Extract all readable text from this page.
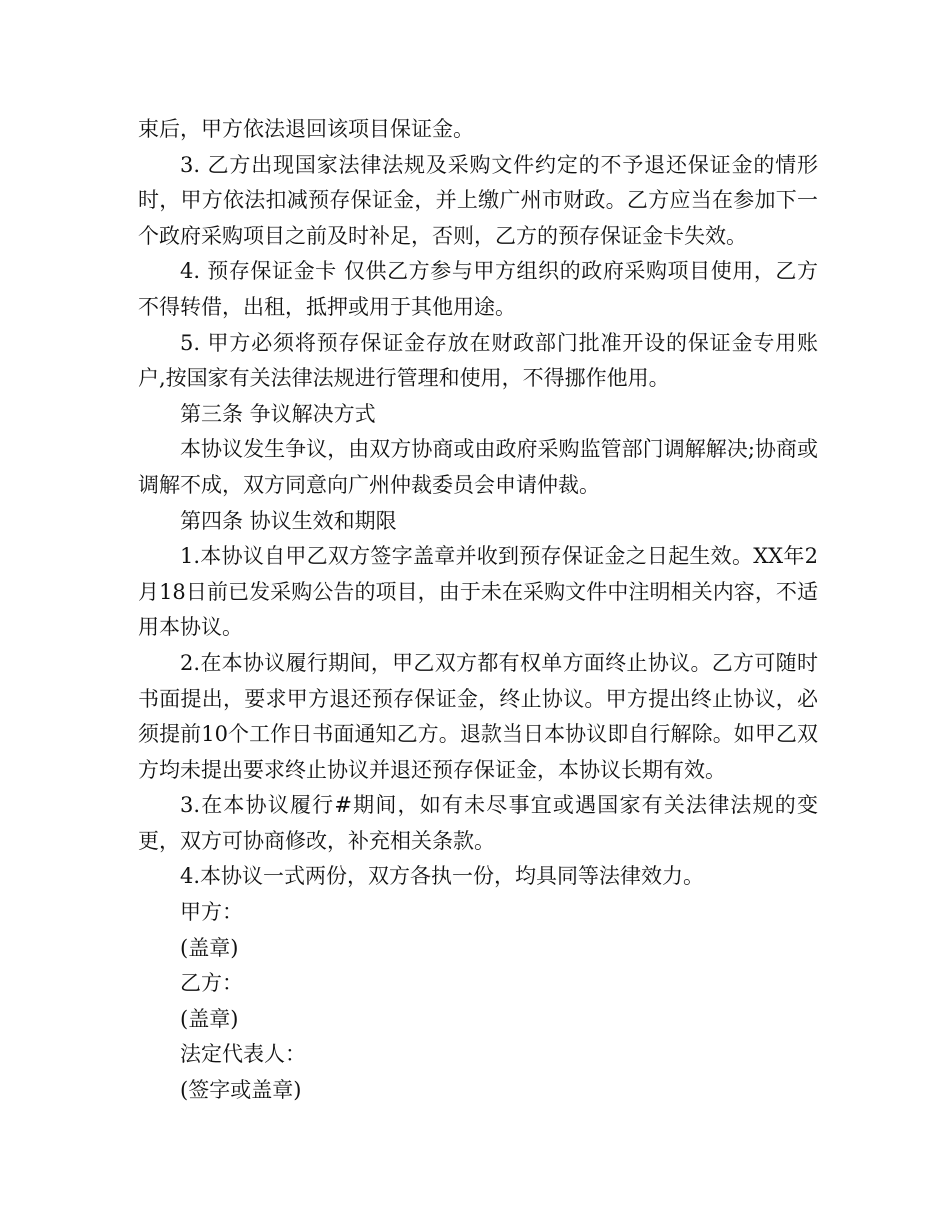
束后，甲方依法退回该项目保证金。

3. 乙方出现国家法律法规及采购文件约定的不予退还保证金的情形时，甲方依法扣减预存保证金，并上缴广州市财政。乙方应当在参加下一个政府采购项目之前及时补足，否则，乙方的预存保证金卡失效。

4. 预存保证金卡 仅供乙方参与甲方组织的政府采购项目使用，乙方不得转借，出租，抵押或用于其他用途。

5. 甲方必须将预存保证金存放在财政部门批准开设的保证金专用账户,按国家有关法律法规进行管理和使用，不得挪作他用。

第三条 争议解决方式

本协议发生争议，由双方协商或由政府采购监管部门调解解决;协商或调解不成，双方同意向广州仲裁委员会申请仲裁。

第四条 协议生效和期限

1.本协议自甲乙双方签字盖章并收到预存保证金之日起生效。XX年2月18日前已发采购公告的项目，由于未在采购文件中注明相关内容，不适用本协议。

2.在本协议履行期间，甲乙双方都有权单方面终止协议。乙方可随时书面提出，要求甲方退还预存保证金，终止协议。甲方提出终止协议，必须提前10个工作日书面通知乙方。退款当日本协议即自行解除。如甲乙双方均未提出要求终止协议并退还预存保证金，本协议长期有效。

3.在本协议履行#期间，如有未尽事宜或遇国家有关法律法规的变更，双方可协商修改，补充相关条款。

4.本协议一式两份，双方各执一份，均具同等法律效力。

甲方：

(盖章)

乙方：

(盖章)

法定代表人：

(签字或盖章)
